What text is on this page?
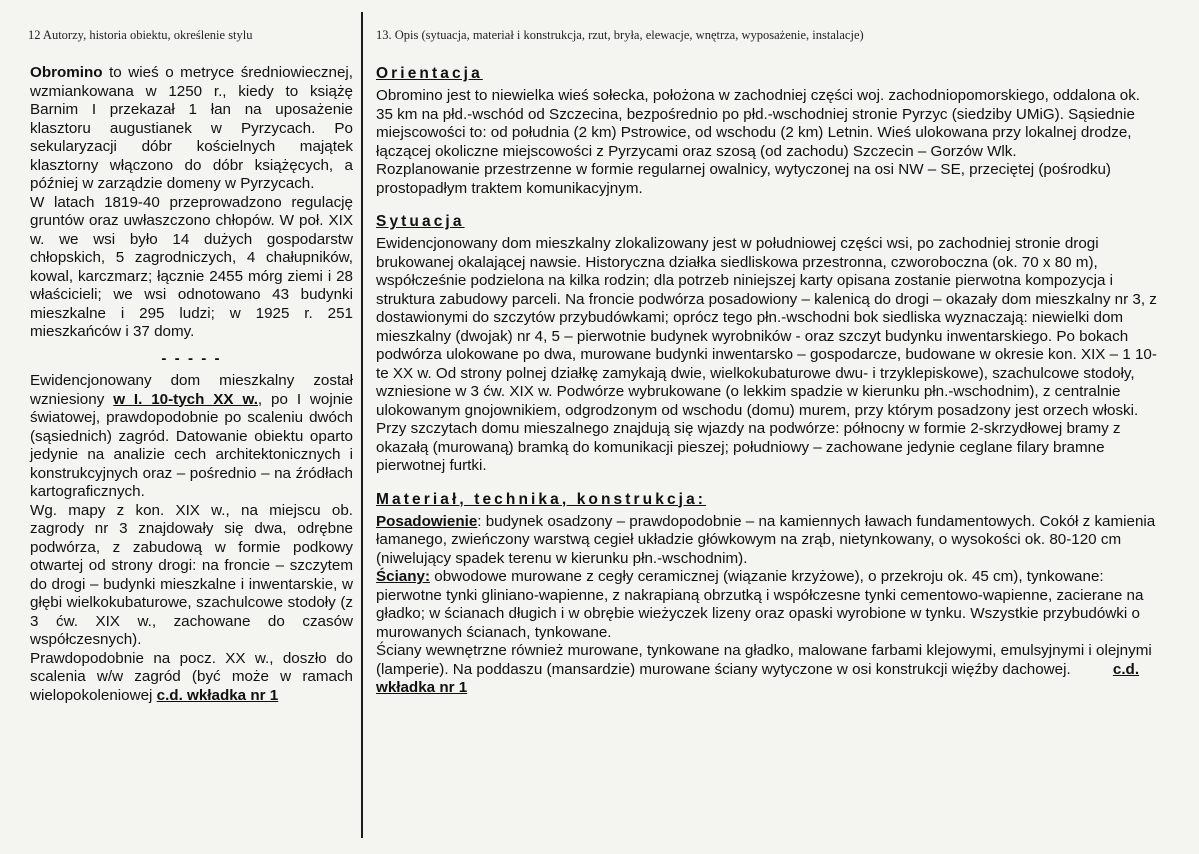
12 Autorzy, historia obiektu, określenie stylu	13. Opis (sytuacja, materiał i konstrukcja, rzut, bryła, elewacje, wnętrza, wyposażenie, instalacje)

Obromino to wieś o metryce średniowiecznej, wzmiankowana w 1250 r., kiedy to książę Barnim I przekazał 1 łan na uposażenie klasztoru augustianek w Pyrzycach. Po sekularyzacji dóbr kościelnych majątek klasztorny włączono do dóbr książęcych, a później w zarządzie domeny w Pyrzycach.

W latach 1819-40 przeprowadzono regulację gruntów oraz uwłaszczono chłopów. W poł. XIX w. we wsi było 14 dużych gospodarstw chłopskich, 5 zagrodniczych, 4 chałupników, kowal, karczmarz; łącznie 2455 mórg ziemi i 28 właścicieli; we wsi odnotowano 43 budynki mieszkalne i 295 ludzi; w 1925 r. 251 mieszkańców i 37 domy.

- - - - -

Ewidencjonowany dom mieszkalny został wzniesiony w I. 10-tych XX w., po I wojnie światowej, prawdopodobnie po scaleniu dwóch (sąsiednich) zagród. Datowanie obiektu oparto jedynie na analizie cech architektonicznych i konstrukcyjnych oraz – pośrednio – na źródłach kartograficznych.

Wg. mapy z kon. XIX w., na miejscu ob. zagrody nr 3 znajdowały się dwa, odrębne podwórza, z zabudową w formie podkowy otwartej od strony drogi: na froncie – szczytem do drogi – budynki mieszkalne i inwentarskie, w głębi wielkokubaturowe, szachulcowe stodoły (z 3 ćw. XIX w., zachowane do czasów współczesnych).

Prawdopodobnie na pocz. XX w., doszło do scalenia w/w zagród (być może w ramach wielopokoleniowej c.d. wkładka nr 1

Orientacja

Obromino jest to niewielka wieś sołecka, położona w zachodniej części woj. zachodniopomorskiego, oddalona ok. 35 km na płd.-wschód od Szczecina, bezpośrednio po płd.-wschodniej stronie Pyrzyc (siedziby UMiG). Sąsiednie miejscowości to: od południa (2 km) Pstrowice, od wschodu (2 km) Letnin. Wieś ulokowana przy lokalnej drodze, łączącej okoliczne miejscowości z Pyrzycami oraz szosą (od zachodu) Szczecin – Gorzów Wlk.

Rozplanowanie przestrzenne w formie regularnej owalnicy, wytyczonej na osi NW – SE, przeciętej (pośrodku) prostopadłym traktem komunikacyjnym.

Sytuacja

Ewidencjonowany dom mieszkalny zlokalizowany jest w południowej części wsi, po zachodniej stronie drogi brukowanej okalającej nawsie. Historyczna działka siedliskowa przestronna, czworoboczna (ok. 70 x 80 m), współcześnie podzielona na kilka rodzin; dla potrzeb niniejszej karty opisana zostanie pierwotna kompozycja i struktura zabudowy parceli. Na froncie podwórza posadowiony – kalenicą do drogi – okazały dom mieszkalny nr 3, z dostawionymi do szczytów przybudówkami; oprócz tego płn.-wschodni bok siedliska wyznaczają: niewielki dom mieszkalny (dwojak) nr 4, 5 – pierwotnie budynek wyrobników - oraz szczyt budynku inwentarskiego. Po bokach podwórza ulokowane po dwa, murowane budynki inwentarsko – gospodarcze, budowane w okresie kon. XIX – 1 10-te XX w. Od strony polnej działkę zamykają dwie, wielkokubaturowe dwu- i trzyklepiskowe), szachulcowe stodoły, wzniesione w 3 ćw. XIX w. Podwórze wybrukowane (o lekkim spadzie w kierunku płn.-wschodnim), z centralnie ulokowanym gnojownikiem, odgrodzonym od wschodu (domu) murem, przy którym posadzony jest orzech włoski. Przy szczytach domu mieszalnego znajdują się wjazdy na podwórze: północny w formie 2-skrzydłowej bramy z okazałą (murowaną) bramką do komunikacji pieszej; południowy – zachowane jedynie ceglane filary bramne pierwotnej furtki.

Materiał, technika, konstrukcja:

Posadowienie: budynek osadzony – prawdopodobnie – na kamiennych ławach fundamentowych. Cokół z kamienia łamanego, zwieńczony warstwą cegieł układzie główkowym na zrąb, nietynkowany, o wysokości ok. 80-120 cm (niwelujący spadek terenu w kierunku płn.-wschodnim).

Ściany: obwodowe murowane z cegły ceramicznej (wiązanie krzyżowe), o przekroju ok. 45 cm), tynkowane: pierwotne tynki gliniano-wapienne, z nakrapianą obrzutką i współczesne tynki cementowo-wapienne, zacierane na gładko; w ścianach długich i w obrębie wieżyczek lizeny oraz opaski wyrobione w tynku. Wszystkie przybudówki o murowanych ścianach, tynkowane.

Ściany wewnętrzne również murowane, tynkowane na gładko, malowane farbami klejowymi, emulsyjnymi i olejnymi (lamperie). Na poddaszu (mansardzie) murowane ściany wytyczone w osi konstrukcji więźby dachowej.	c.d. wkładka nr 1
